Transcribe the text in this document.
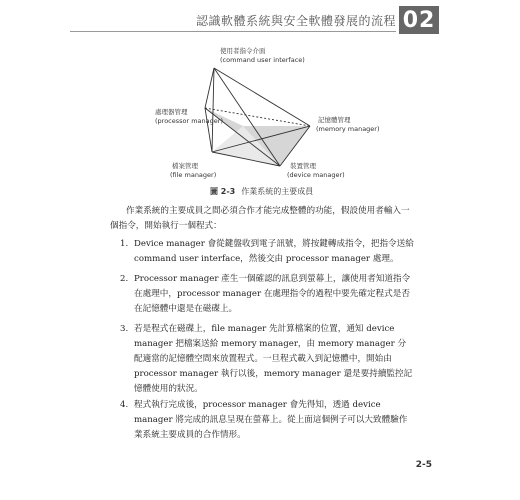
認識軟體系統與安全軟體發展的流程 02
使用者指令介面
(command user interface)
處理器管理
(processor manager)	記憶體管理
(memory manager)
檔案管理
(file manager)
裝置管理
(device manager)
圖 2-3 作業系統的主要成員

作業系統的主要成員之間必須合作才能完成整體的功能，假設使用者輸入一個指令，開始執行一個程式：

1. Device manager 會從鍵盤收到電子訊號，將按鍵轉成指令，把指令送給 command user interface，然後交由 processor manager 處理。
2. Processor manager 產生一個確認的訊息到螢幕上，讓使用者知道指令在處理中，processor manager 在處理指令的過程中要先確定程式是否在記憶體中還是在磁碟上。
3. 若是程式在磁碟上，file manager 先計算檔案的位置，通知 device manager 把檔案送給 memory manager，由 memory manager 分配適當的記憶體空間來放置程式。一旦程式載入到記憶體中，開始由 processor manager 執行以後，memory manager 還是要持續監控記憶體使用的狀況。
4. 程式執行完成後，processor manager 會先得知，透過 device manager 將完成的訊息呈現在螢幕上。從上面這個例子可以大致體驗作業系統主要成員的合作情形。
2-5
